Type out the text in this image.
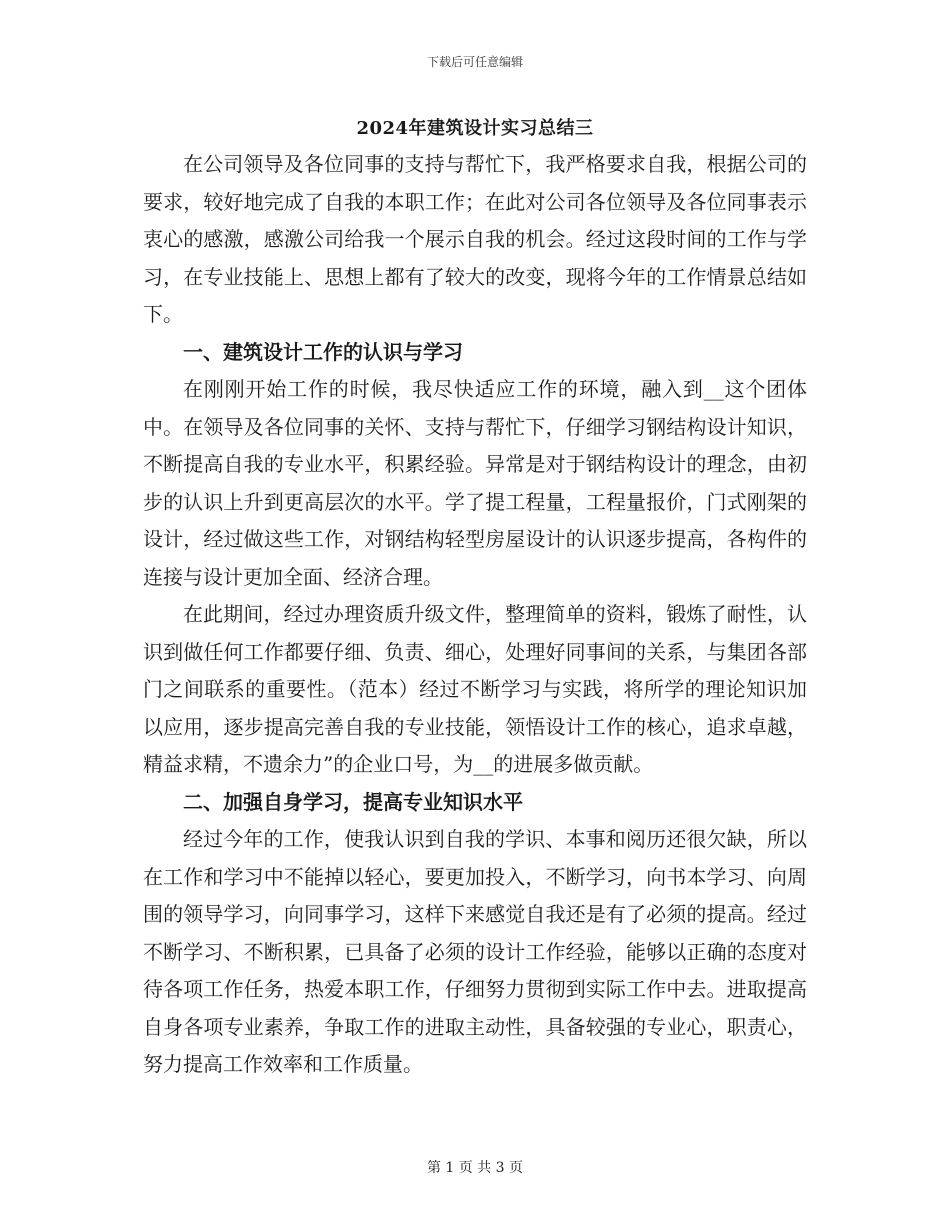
下载后可任意编辑
2024年建筑设计实习总结三

在公司领导及各位同事的支持与帮忙下，我严格要求自我，根据公司的要求，较好地完成了自我的本职工作；在此对公司各位领导及各位同事表示衷心的感激，感激公司给我一个展示自我的机会。经过这段时间的工作与学习，在专业技能上、思想上都有了较大的改变，现将今年的工作情景总结如下。

一、建筑设计工作的认识与学习

在刚刚开始工作的时候，我尽快适应工作的环境，融入到__这个团体中。在领导及各位同事的关怀、支持与帮忙下，仔细学习钢结构设计知识，不断提高自我的专业水平，积累经验。异常是对于钢结构设计的理念，由初步的认识上升到更高层次的水平。学了提工程量，工程量报价，门式刚架的设计，经过做这些工作，对钢结构轻型房屋设计的认识逐步提高，各构件的连接与设计更加全面、经济合理。

在此期间，经过办理资质升级文件，整理简单的资料，锻炼了耐性，认识到做任何工作都要仔细、负责、细心，处理好同事间的关系，与集团各部门之间联系的重要性。（范本）经过不断学习与实践，将所学的理论知识加以应用，逐步提高完善自我的专业技能，领悟设计工作的核心，追求卓越，精益求精，不遗余力”的企业口号，为__的进展多做贡献。

二、加强自身学习，提高专业知识水平

经过今年的工作，使我认识到自我的学识、本事和阅历还很欠缺，所以在工作和学习中不能掉以轻心，要更加投入，不断学习，向书本学习、向周围的领导学习，向同事学习，这样下来感觉自我还是有了必须的提高。经过不断学习、不断积累，已具备了必须的设计工作经验，能够以正确的态度对待各项工作任务，热爱本职工作，仔细努力贯彻到实际工作中去。进取提高自身各项专业素养，争取工作的进取主动性，具备较强的专业心，职责心，努力提高工作效率和工作质量。

第 1 页 共 3 页
